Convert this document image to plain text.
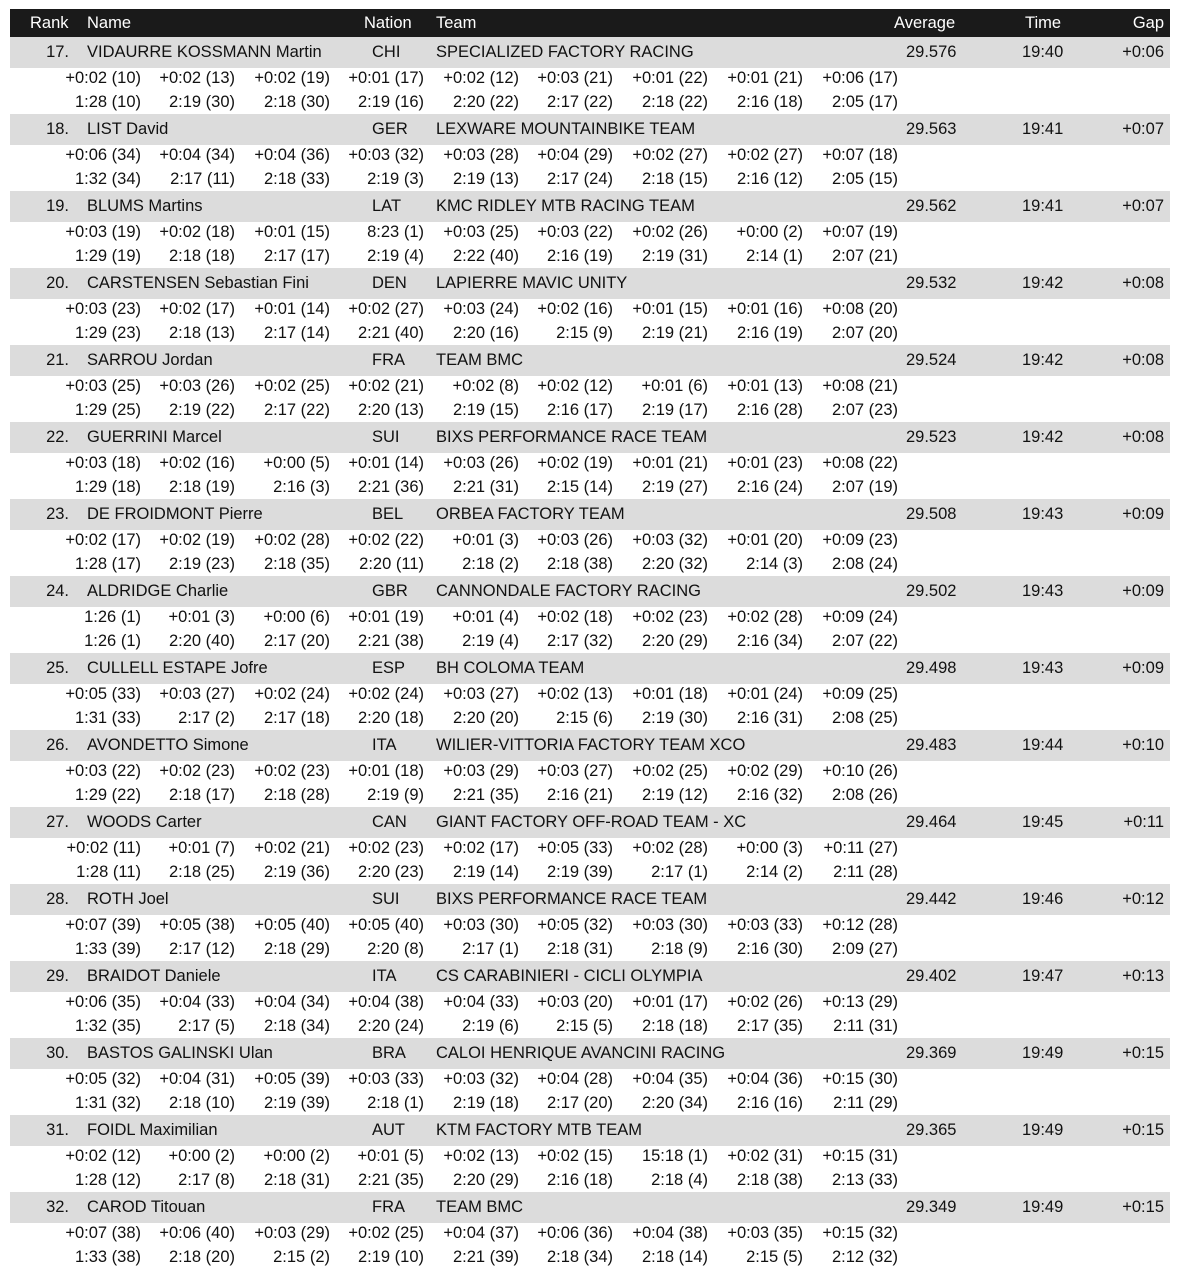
Rank Name	Nation Team	Average	Time	Gap
17. VIDAURRE KOSSMANN Martin	CHI SPECIALIZED FACTORY RACING	29.576	19:40	+0:06
+0:02 (10) +0:02 (13) +0:02 (19) +0:01 (17) +0:02 (12) +0:03 (21) +0:01 (22) +0:01 (21) +0:06 (17)
1:28 (10) 2:19 (30) 2:18 (30) 2:19 (16) 2:20 (22) 2:17 (22) 2:18 (22) 2:16 (18) 2:05 (17)
18. LIST David	GER LEXWARE MOUNTAINBIKE TEAM	29.563	19:41	+0:07
+0:06 (34) +0:04 (34) +0:04 (36) +0:03 (32) +0:03 (28) +0:04 (29) +0:02 (27) +0:02 (27) +0:07 (18)
1:32 (34) 2:17 (11) 2:18 (33) 2:19 (3) 2:19 (13) 2:17 (24) 2:18 (15) 2:16 (12) 2:05 (15)
19. BLUMS Martins	LAT KMC RIDLEY MTB RACING TEAM	29.562	19:41	+0:07
+0:03 (19) +0:02 (18) +0:01 (15) 8:23 (1) +0:03 (25) +0:03 (22) +0:02 (26) +0:00 (2) +0:07 (19)
1:29 (19) 2:18 (18) 2:17 (17) 2:19 (4) 2:22 (40) 2:16 (19) 2:19 (31) 2:14 (1) 2:07 (21)
20. CARSTENSEN Sebastian Fini	DEN LAPIERRE MAVIC UNITY	29.532	19:42	+0:08
+0:03 (23) +0:02 (17) +0:01 (14) +0:02 (27) +0:03 (24) +0:02 (16) +0:01 (15) +0:01 (16) +0:08 (20)
1:29 (23) 2:18 (13) 2:17 (14) 2:21 (40) 2:20 (16) 2:15 (9) 2:19 (21) 2:16 (19) 2:07 (20)
21. SARROU Jordan	FRA TEAM BMC	29.524	19:42	+0:08
+0:03 (25) +0:03 (26) +0:02 (25) +0:02 (21) +0:02 (8) +0:02 (12) +0:01 (6) +0:01 (13) +0:08 (21)
1:29 (25) 2:19 (22) 2:17 (22) 2:20 (13) 2:19 (15) 2:16 (17) 2:19 (17) 2:16 (28) 2:07 (23)
22. GUERRINI Marcel	SUI BIXS PERFORMANCE RACE TEAM	29.523	19:42	+0:08
+0:03 (18) +0:02 (16) +0:00 (5) +0:01 (14) +0:03 (26) +0:02 (19) +0:01 (21) +0:01 (23) +0:08 (22)
1:29 (18) 2:18 (19) 2:16 (3) 2:21 (36) 2:21 (31) 2:15 (14) 2:19 (27) 2:16 (24) 2:07 (19)
23. DE FROIDMONT Pierre	BEL ORBEA FACTORY TEAM	29.508	19:43	+0:09
+0:02 (17) +0:02 (19) +0:02 (28) +0:02 (22) +0:01 (3) +0:03 (26) +0:03 (32) +0:01 (20) +0:09 (23)
1:28 (17) 2:19 (23) 2:18 (35) 2:20 (11) 2:18 (2) 2:18 (38) 2:20 (32) 2:14 (3) 2:08 (24)
24. ALDRIDGE Charlie	GBR CANNONDALE FACTORY RACING	29.502	19:43	+0:09
1:26 (1) +0:01 (3) +0:00 (6) +0:01 (19) +0:01 (4) +0:02 (18) +0:02 (23) +0:02 (28) +0:09 (24)
1:26 (1) 2:20 (40) 2:17 (20) 2:21 (38) 2:19 (4) 2:17 (32) 2:20 (29) 2:16 (34) 2:07 (22)
25. CULLELL ESTAPE Jofre	ESP BH COLOMA TEAM	29.498	19:43	+0:09
+0:05 (33) +0:03 (27) +0:02 (24) +0:02 (24) +0:03 (27) +0:02 (13) +0:01 (18) +0:01 (24) +0:09 (25)
1:31 (33) 2:17 (2) 2:17 (18) 2:20 (18) 2:20 (20) 2:15 (6) 2:19 (30) 2:16 (31) 2:08 (25)
26. AVONDETTO Simone	ITA WILIER-VITTORIA FACTORY TEAM XCO	29.483	19:44	+0:10
+0:03 (22) +0:02 (23) +0:02 (23) +0:01 (18) +0:03 (29) +0:03 (27) +0:02 (25) +0:02 (29) +0:10 (26)
1:29 (22) 2:18 (17) 2:18 (28) 2:19 (9) 2:21 (35) 2:16 (21) 2:19 (12) 2:16 (32) 2:08 (26)
27. WOODS Carter	CAN GIANT FACTORY OFF-ROAD TEAM - XC	29.464	19:45	+0:11
+0:02 (11) +0:01 (7) +0:02 (21) +0:02 (23) +0:02 (17) +0:05 (33) +0:02 (28) +0:00 (3) +0:11 (27)
1:28 (11) 2:18 (25) 2:19 (36) 2:20 (23) 2:19 (14) 2:19 (39) 2:17 (1) 2:14 (2) 2:11 (28)
28. ROTH Joel	SUI BIXS PERFORMANCE RACE TEAM	29.442	19:46	+0:12
+0:07 (39) +0:05 (38) +0:05 (40) +0:05 (40) +0:03 (30) +0:05 (32) +0:03 (30) +0:03 (33) +0:12 (28)
1:33 (39) 2:17 (12) 2:18 (29) 2:20 (8) 2:17 (1) 2:18 (31) 2:18 (9) 2:16 (30) 2:09 (27)
29. BRAIDOT Daniele	ITA CS CARABINIERI - CICLI OLYMPIA	29.402	19:47	+0:13
+0:06 (35) +0:04 (33) +0:04 (34) +0:04 (38) +0:04 (33) +0:03 (20) +0:01 (17) +0:02 (26) +0:13 (29)
1:32 (35) 2:17 (5) 2:18 (34) 2:20 (24) 2:19 (6) 2:15 (5) 2:18 (18) 2:17 (35) 2:11 (31)
30. BASTOS GALINSKI Ulan	BRA CALOI HENRIQUE AVANCINI RACING	29.369	19:49	+0:15
+0:05 (32) +0:04 (31) +0:05 (39) +0:03 (33) +0:03 (32) +0:04 (28) +0:04 (35) +0:04 (36) +0:15 (30)
1:31 (32) 2:18 (10) 2:19 (39) 2:18 (1) 2:19 (18) 2:17 (20) 2:20 (34) 2:16 (16) 2:11 (29)
31. FOIDL Maximilian	AUT KTM FACTORY MTB TEAM	29.365	19:49	+0:15
+0:02 (12) +0:00 (2) +0:00 (2) +0:01 (5) +0:02 (13) +0:02 (15) 15:18 (1) +0:02 (31) +0:15 (31)
1:28 (12) 2:17 (8) 2:18 (31) 2:21 (35) 2:20 (29) 2:16 (18) 2:18 (4) 2:18 (38) 2:13 (33)
32. CAROD Titouan	FRA TEAM BMC	29.349	19:49	+0:15
+0:07 (38) +0:06 (40) +0:03 (29) +0:02 (25) +0:04 (37) +0:06 (36) +0:04 (38) +0:03 (35) +0:15 (32)
1:33 (38) 2:18 (20) 2:15 (2) 2:19 (10) 2:21 (39) 2:18 (34) 2:18 (14) 2:15 (5) 2:12 (32)
